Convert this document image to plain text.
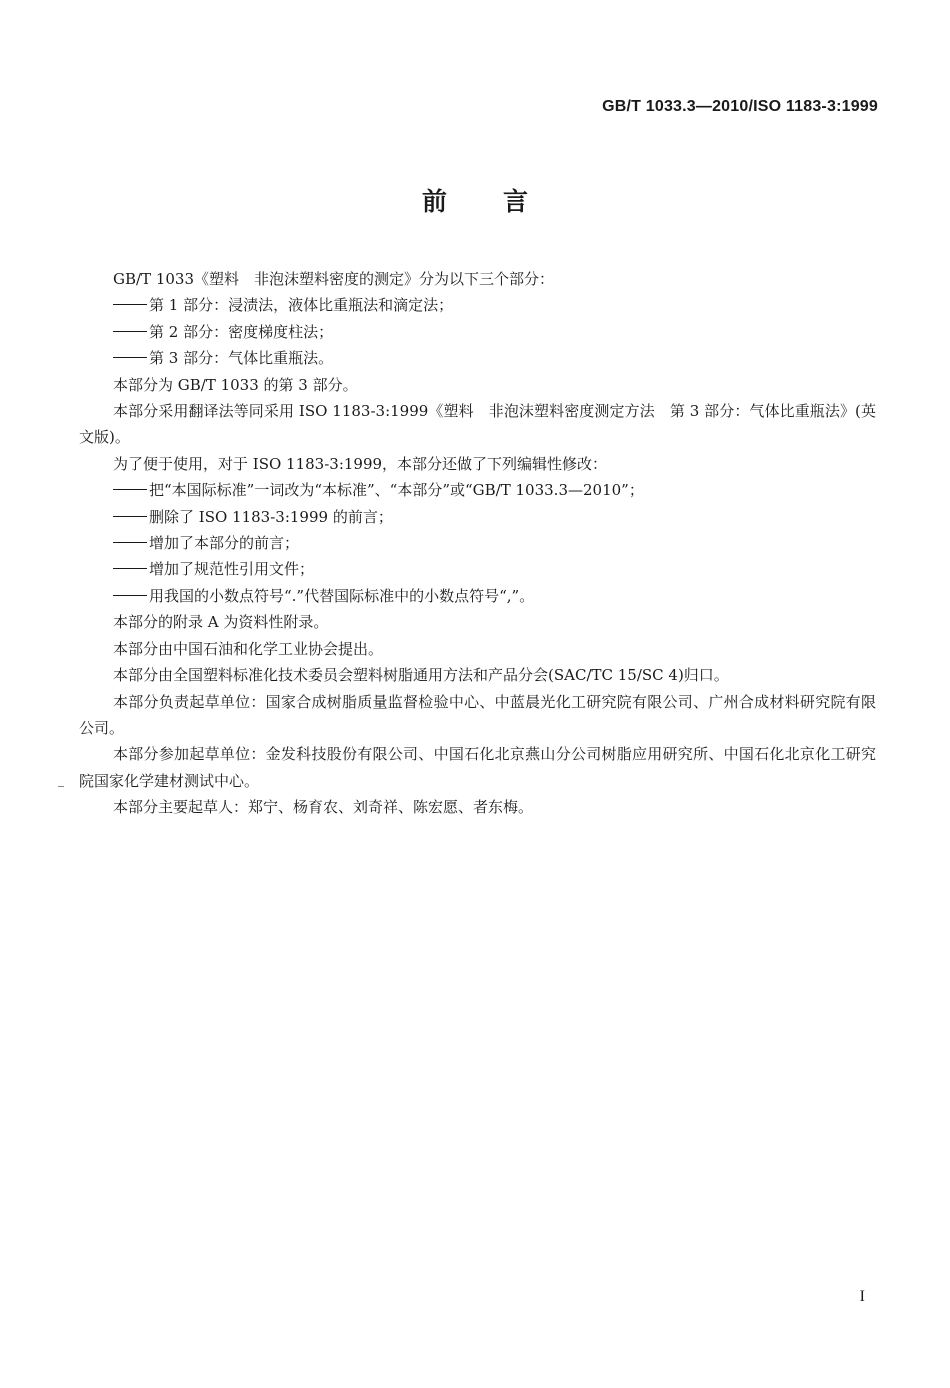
GB/T 1033.3—2010/ISO 1183-3:1999
前言

GB/T 1033《塑料　非泡沫塑料密度的测定》分为以下三个部分：

第 1 部分：浸渍法，液体比重瓶法和滴定法；

第 2 部分：密度梯度柱法；

第 3 部分：气体比重瓶法。

本部分为 GB/T 1033 的第 3 部分。

本部分采用翻译法等同采用 ISO 1183-3:1999《塑料　非泡沫塑料密度测定方法　第 3 部分：气体比重瓶法》(英文版)。

为了便于使用，对于 ISO 1183-3:1999，本部分还做了下列编辑性修改：

把“本国际标准”一词改为“本标准”、“本部分”或“GB/T 1033.3—2010”；

删除了 ISO 1183-3:1999 的前言；

增加了本部分的前言；

增加了规范性引用文件；

用我国的小数点符号“.”代替国际标准中的小数点符号“,”。

本部分的附录 A 为资料性附录。

本部分由中国石油和化学工业协会提出。

本部分由全国塑料标准化技术委员会塑料树脂通用方法和产品分会(SAC/TC 15/SC 4)归口。

本部分负责起草单位：国家合成树脂质量监督检验中心、中蓝晨光化工研究院有限公司、广州合成材料研究院有限公司。

本部分参加起草单位：金发科技股份有限公司、中国石化北京燕山分公司树脂应用研究所、中国石化北京化工研究院国家化学建材测试中心。

本部分主要起草人：郑宁、杨育农、刘奇祥、陈宏愿、者东梅。

I
